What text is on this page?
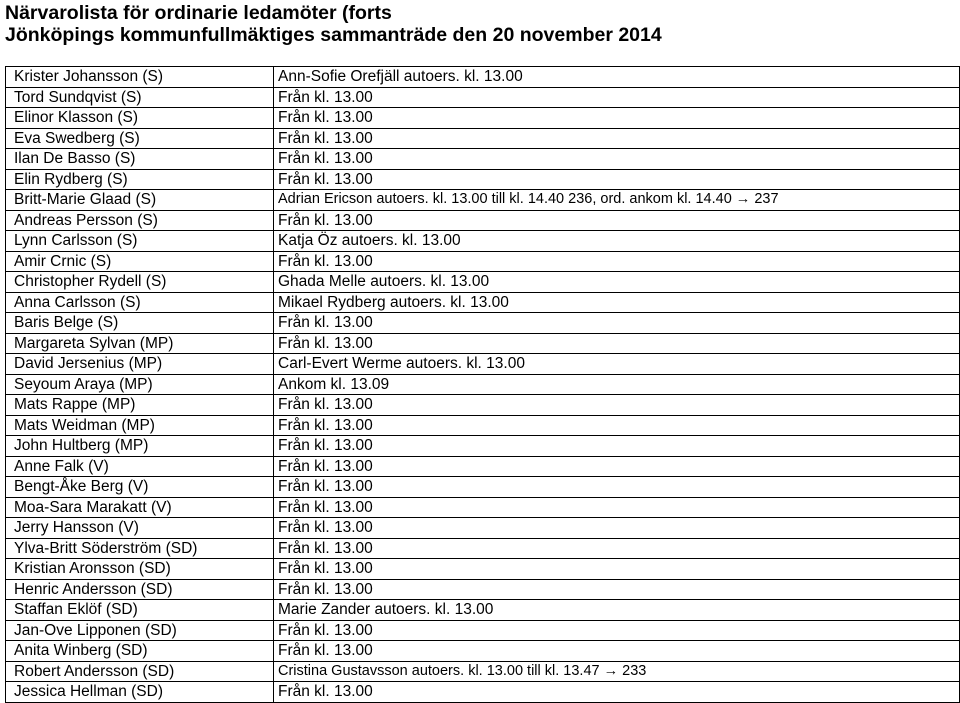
Närvarolista för ordinarie ledamöter (forts
Jönköpings kommunfullmäktiges sammanträde den 20 november 2014
Krister Johansson (S)	Ann-Sofie Orefjäll autoers. kl. 13.00
Tord Sundqvist (S)	Från kl. 13.00
Elinor Klasson (S)	Från kl. 13.00
Eva Swedberg (S)	Från kl. 13.00
Ilan De Basso (S)	Från kl. 13.00
Elin Rydberg (S)	Från kl. 13.00
Britt-Marie Glaad (S)	Adrian Ericson autoers. kl. 13.00 till kl. 14.40 236, ord. ankom kl. 14.40 → 237
Andreas Persson (S)	Från kl. 13.00
Lynn Carlsson (S)	Katja Öz autoers. kl. 13.00
Amir Crnic (S)	Från kl. 13.00
Christopher Rydell (S)	Ghada Melle autoers. kl. 13.00
Anna Carlsson (S)	Mikael Rydberg autoers. kl. 13.00
Baris Belge (S)	Från kl. 13.00
Margareta Sylvan (MP)	Från kl. 13.00
David Jersenius (MP)	Carl-Evert Werme autoers. kl. 13.00
Seyoum Araya (MP)	Ankom kl. 13.09
Mats Rappe (MP)	Från kl. 13.00
Mats Weidman (MP)	Från kl. 13.00
John Hultberg (MP)	Från kl. 13.00
Anne Falk (V)	Från kl. 13.00
Bengt-Åke Berg (V)	Från kl. 13.00
Moa-Sara Marakatt (V)	Från kl. 13.00
Jerry Hansson (V)	Från kl. 13.00
Ylva-Britt Söderström (SD)	Från kl. 13.00
Kristian Aronsson (SD)	Från kl. 13.00
Henric Andersson (SD)	Från kl. 13.00
Staffan Eklöf (SD)	Marie Zander autoers. kl. 13.00
Jan-Ove Lipponen (SD)	Från kl. 13.00
Anita Winberg (SD)	Från kl. 13.00
Robert Andersson (SD)	Cristina Gustavsson autoers. kl. 13.00 till kl. 13.47 → 233
Jessica Hellman (SD)	Från kl. 13.00
